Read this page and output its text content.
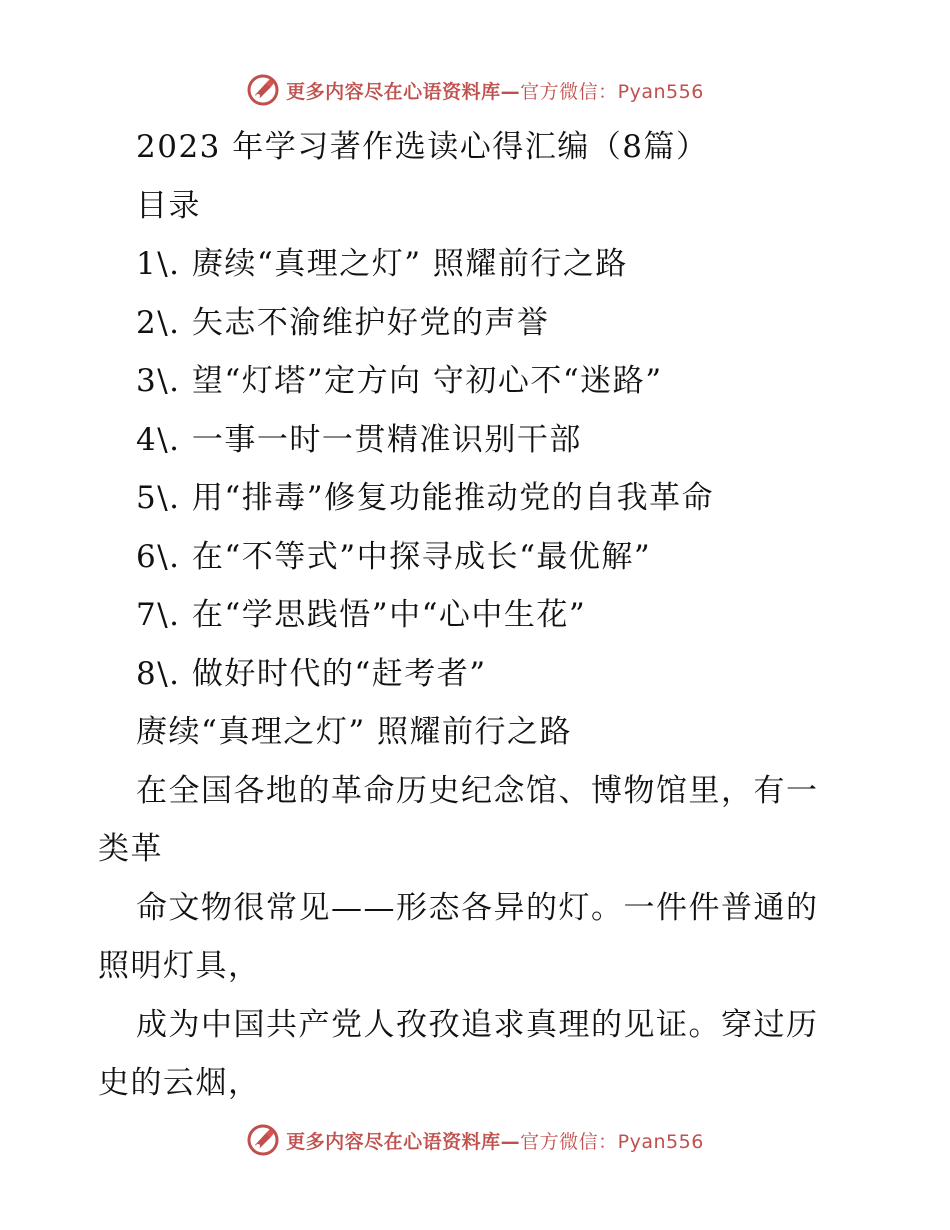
更多内容尽在心语资料库—官方微信：Pyan556
2023 年学习著作选读心得汇编（8篇）
目录
1\. 赓续“真理之灯” 照耀前行之路
2\. 矢志不渝维护好党的声誉
3\. 望“灯塔”定方向 守初心不“迷路”
4\. 一事一时一贯精准识别干部
5\. 用“排毒”修复功能推动党的自我革命
6\. 在“不等式”中探寻成长“最优解”
7\. 在“学思践悟”中“心中生花”
8\. 做好时代的“赶考者”
赓续“真理之灯” 照耀前行之路
在全国各地的革命历史纪念馆、博物馆里，有一
类革
命文物很常见——形态各异的灯。一件件普通的
照明灯具，
成为中国共产党人孜孜追求真理的见证。穿过历
史的云烟，
更多内容尽在心语资料库—官方微信：Pyan556
